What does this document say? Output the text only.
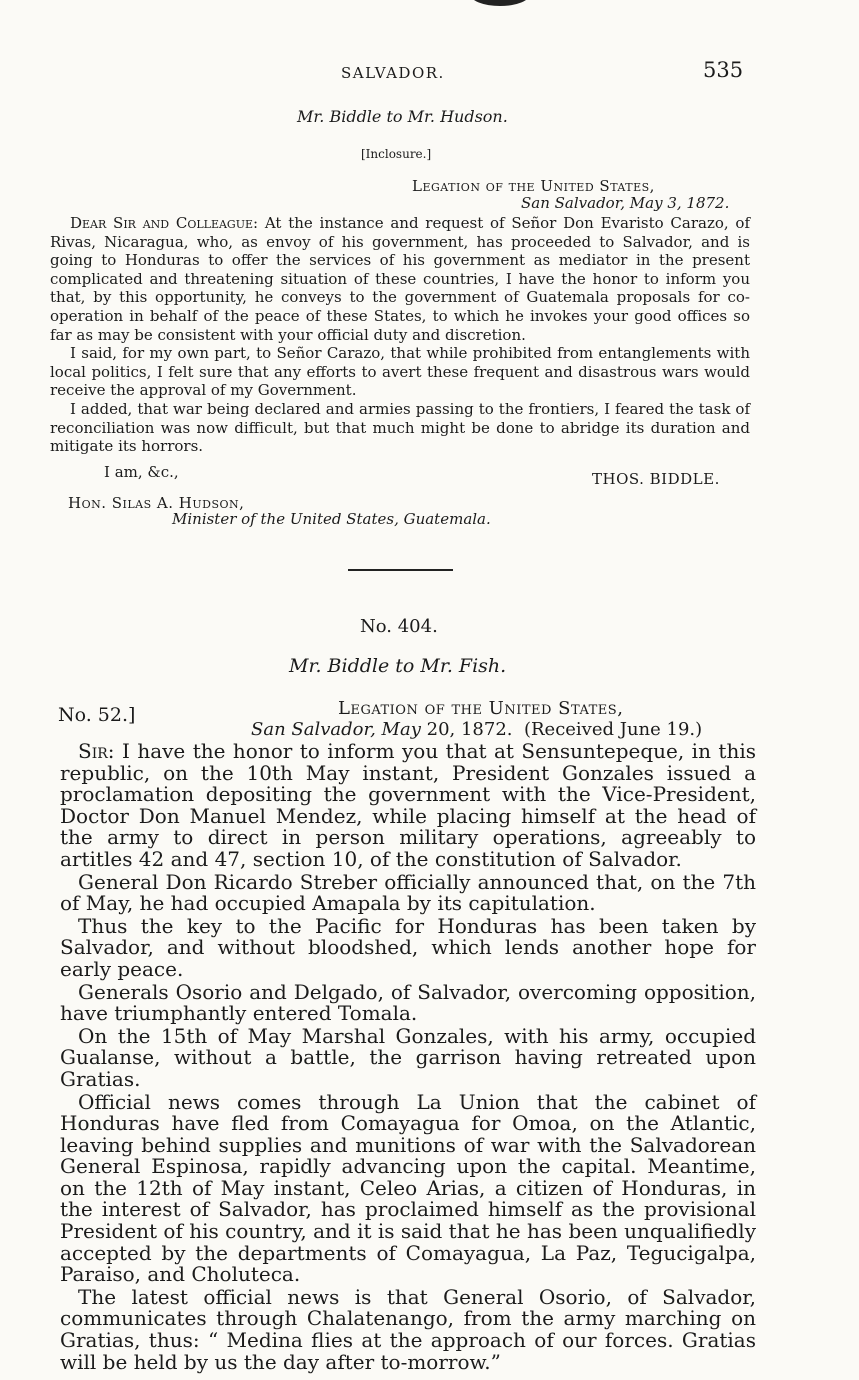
SALVADOR.	535
Mr. Biddle to Mr. Hudson.
[Inclosure.]
Legation of the United States,
San Salvador, May 3, 1872.

Dear Sir and Colleague: At the instance and request of Señor Don Evaristo Carazo, of Rivas, Nicaragua, who, as envoy of his government, has proceeded to Salvador, and is going to Honduras to offer the services of his government as mediator in the present complicated and threatening situation of these countries, I have the honor to inform you that, by this opportunity, he conveys to the government of Guatemala proposals for co-operation in behalf of the peace of these States, to which he invokes your good offices so far as may be consistent with your official duty and discretion.

I said, for my own part, to Señor Carazo, that while prohibited from entanglements with local politics, I felt sure that any efforts to avert these frequent and disastrous wars would receive the approval of my Government.

I added, that war being declared and armies passing to the frontiers, I feared the task of reconciliation was now difficult, but that much might be done to abridge its duration and mitigate its horrors.

I am, &c.,	THOS. BIDDLE.
Hon. Silas A. Hudson,
Minister of the United States, Guatemala.
No. 404.
Mr. Biddle to Mr. Fish.
No. 52.]	Legation of the United States,
San Salvador, May 20, 1872. (Received June 19.)

Sir: I have the honor to inform you that at Sensuntepeque, in this republic, on the 10th May instant, President Gonzales issued a proclamation depositing the government with the Vice-President, Doctor Don Manuel Mendez, while placing himself at the head of the army to direct in person military operations, agreeably to artitles 42 and 47, section 10, of the constitution of Salvador.

General Don Ricardo Streber officially announced that, on the 7th of May, he had occupied Amapala by its capitulation.

Thus the key to the Pacific for Honduras has been taken by Salvador, and without bloodshed, which lends another hope for early peace.

Generals Osorio and Delgado, of Salvador, overcoming opposition, have triumphantly entered Tomala.

On the 15th of May Marshal Gonzales, with his army, occupied Gualanse, without a battle, the garrison having retreated upon Gratias.

Official news comes through La Union that the cabinet of Honduras have fled from Comayagua for Omoa, on the Atlantic, leaving behind supplies and munitions of war with the Salvadorean General Espinosa, rapidly advancing upon the capital. Meantime, on the 12th of May instant, Celeo Arias, a citizen of Honduras, in the interest of Salvador, has proclaimed himself as the provisional President of his country, and it is said that he has been unqualifiedly accepted by the departments of Comayagua, La Paz, Tegucigalpa, Paraiso, and Choluteca.

The latest official news is that General Osorio, of Salvador, communicates through Chalatenango, from the army marching on Gratias, thus: “ Medina flies at the approach of our forces. Gratias will be held by us the day after to-morrow.”
